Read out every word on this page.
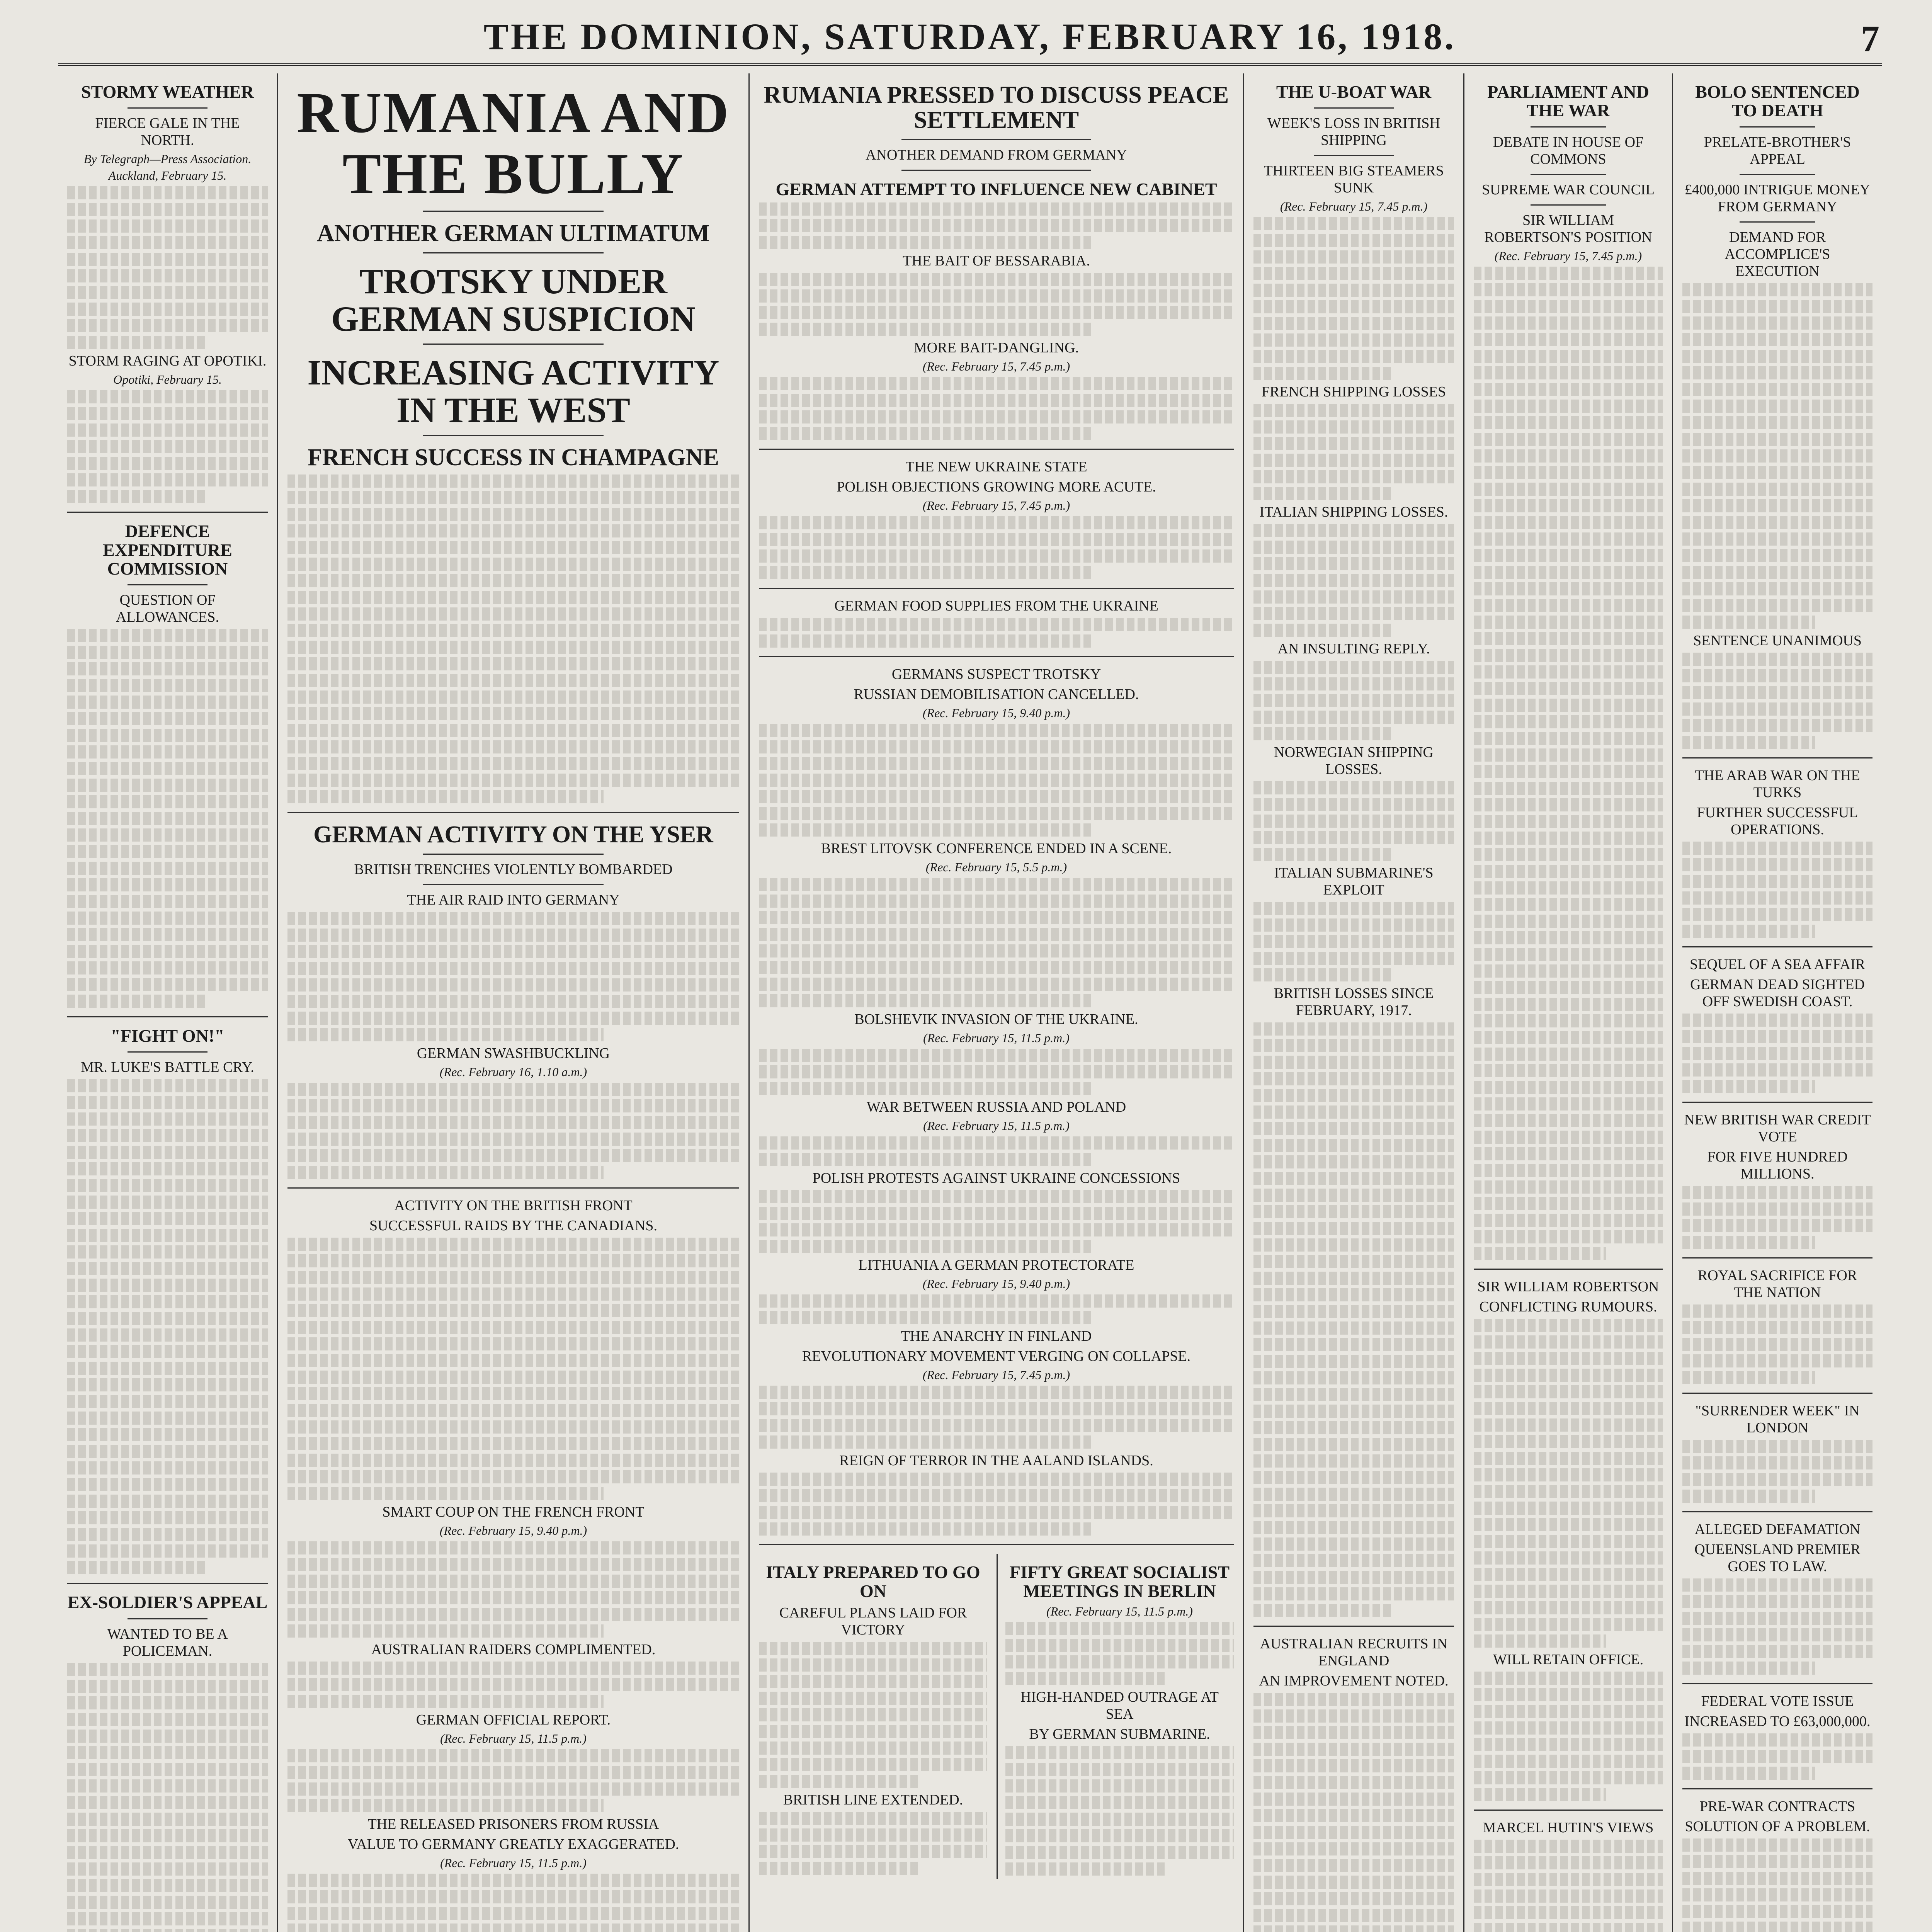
THE DOMINION, SATURDAY, FEBRUARY 16, 1918.	7
STORMY WEATHER
FIERCE GALE IN THE NORTH.
By Telegraph—Press Association.
Auckland, February 15.
STORM RAGING AT OPOTIKI.
Opotiki, February 15.
DEFENCE EXPENDITURE COMMISSION
QUESTION OF ALLOWANCES.
"FIGHT ON!"
MR. LUKE'S BATTLE CRY.
EX-SOLDIER'S APPEAL
WANTED TO BE A POLICEMAN.
RUMANIA AND THE BULLY
ANOTHER GERMAN ULTIMATUM
TROTSKY UNDER GERMAN SUSPICION
INCREASING ACTIVITY IN THE WEST
FRENCH SUCCESS IN CHAMPAGNE
GERMAN ACTIVITY ON THE YSER
BRITISH TRENCHES VIOLENTLY BOMBARDED
THE AIR RAID INTO GERMANY
GERMAN SWASHBUCKLING
(Rec. February 16, 1.10 a.m.)
ACTIVITY ON THE BRITISH FRONT
SUCCESSFUL RAIDS BY THE CANADIANS.
SMART COUP ON THE FRENCH FRONT
(Rec. February 15, 9.40 p.m.)
AUSTRALIAN RAIDERS COMPLIMENTED.
GERMAN OFFICIAL REPORT.
(Rec. February 15, 11.5 p.m.)
THE RELEASED PRISONERS FROM RUSSIA
VALUE TO GERMANY GREATLY EXAGGERATED.
(Rec. February 15, 11.5 p.m.)
RUMANIA PRESSED TO DISCUSS PEACE SETTLEMENT
ANOTHER DEMAND FROM GERMANY
GERMAN ATTEMPT TO INFLUENCE NEW CABINET
THE BAIT OF BESSARABIA.
MORE BAIT-DANGLING.
(Rec. February 15, 7.45 p.m.)
THE NEW UKRAINE STATE
POLISH OBJECTIONS GROWING MORE ACUTE.
(Rec. February 15, 7.45 p.m.)
GERMAN FOOD SUPPLIES FROM THE UKRAINE
GERMANS SUSPECT TROTSKY
RUSSIAN DEMOBILISATION CANCELLED.
(Rec. February 15, 9.40 p.m.)
BREST LITOVSK CONFERENCE ENDED IN A SCENE.
(Rec. February 15, 5.5 p.m.)
BOLSHEVIK INVASION OF THE UKRAINE.
(Rec. February 15, 11.5 p.m.)
WAR BETWEEN RUSSIA AND POLAND
(Rec. February 15, 11.5 p.m.)
POLISH PROTESTS AGAINST UKRAINE CONCESSIONS
LITHUANIA A GERMAN PROTECTORATE
(Rec. February 15, 9.40 p.m.)
THE ANARCHY IN FINLAND
REVOLUTIONARY MOVEMENT VERGING ON COLLAPSE.
(Rec. February 15, 7.45 p.m.)
REIGN OF TERROR IN THE AALAND ISLANDS.
ITALY PREPARED TO GO ON
CAREFUL PLANS LAID FOR VICTORY
BRITISH LINE EXTENDED.
FIFTY GREAT SOCIALIST MEETINGS IN BERLIN
(Rec. February 15, 11.5 p.m.)
HIGH-HANDED OUTRAGE AT SEA
BY GERMAN SUBMARINE.
THE U-BOAT WAR
WEEK'S LOSS IN BRITISH SHIPPING
THIRTEEN BIG STEAMERS SUNK
(Rec. February 15, 7.45 p.m.)
FRENCH SHIPPING LOSSES
ITALIAN SHIPPING LOSSES.
AN INSULTING REPLY.
NORWEGIAN SHIPPING LOSSES.
ITALIAN SUBMARINE'S EXPLOIT
BRITISH LOSSES SINCE FEBRUARY, 1917.
AUSTRALIAN RECRUITS IN ENGLAND
AN IMPROVEMENT NOTED.
PARLIAMENT AND THE WAR
DEBATE IN HOUSE OF COMMONS
SUPREME WAR COUNCIL
SIR WILLIAM ROBERTSON'S POSITION
(Rec. February 15, 7.45 p.m.)
SIR WILLIAM ROBERTSON
CONFLICTING RUMOURS.
WILL RETAIN OFFICE.
MARCEL HUTIN'S VIEWS
BOLO SENTENCED TO DEATH
PRELATE-BROTHER'S APPEAL
£400,000 INTRIGUE MONEY FROM GERMANY
DEMAND FOR ACCOMPLICE'S EXECUTION
SENTENCE UNANIMOUS
THE ARAB WAR ON THE TURKS
FURTHER SUCCESSFUL OPERATIONS.
SEQUEL OF A SEA AFFAIR
GERMAN DEAD SIGHTED OFF SWEDISH COAST.
NEW BRITISH WAR CREDIT VOTE
FOR FIVE HUNDRED MILLIONS.
ROYAL SACRIFICE FOR THE NATION
"SURRENDER WEEK" IN LONDON
ALLEGED DEFAMATION
QUEENSLAND PREMIER GOES TO LAW.
FEDERAL VOTE ISSUE
INCREASED TO £63,000,000.
PRE-WAR CONTRACTS
SOLUTION OF A PROBLEM.
